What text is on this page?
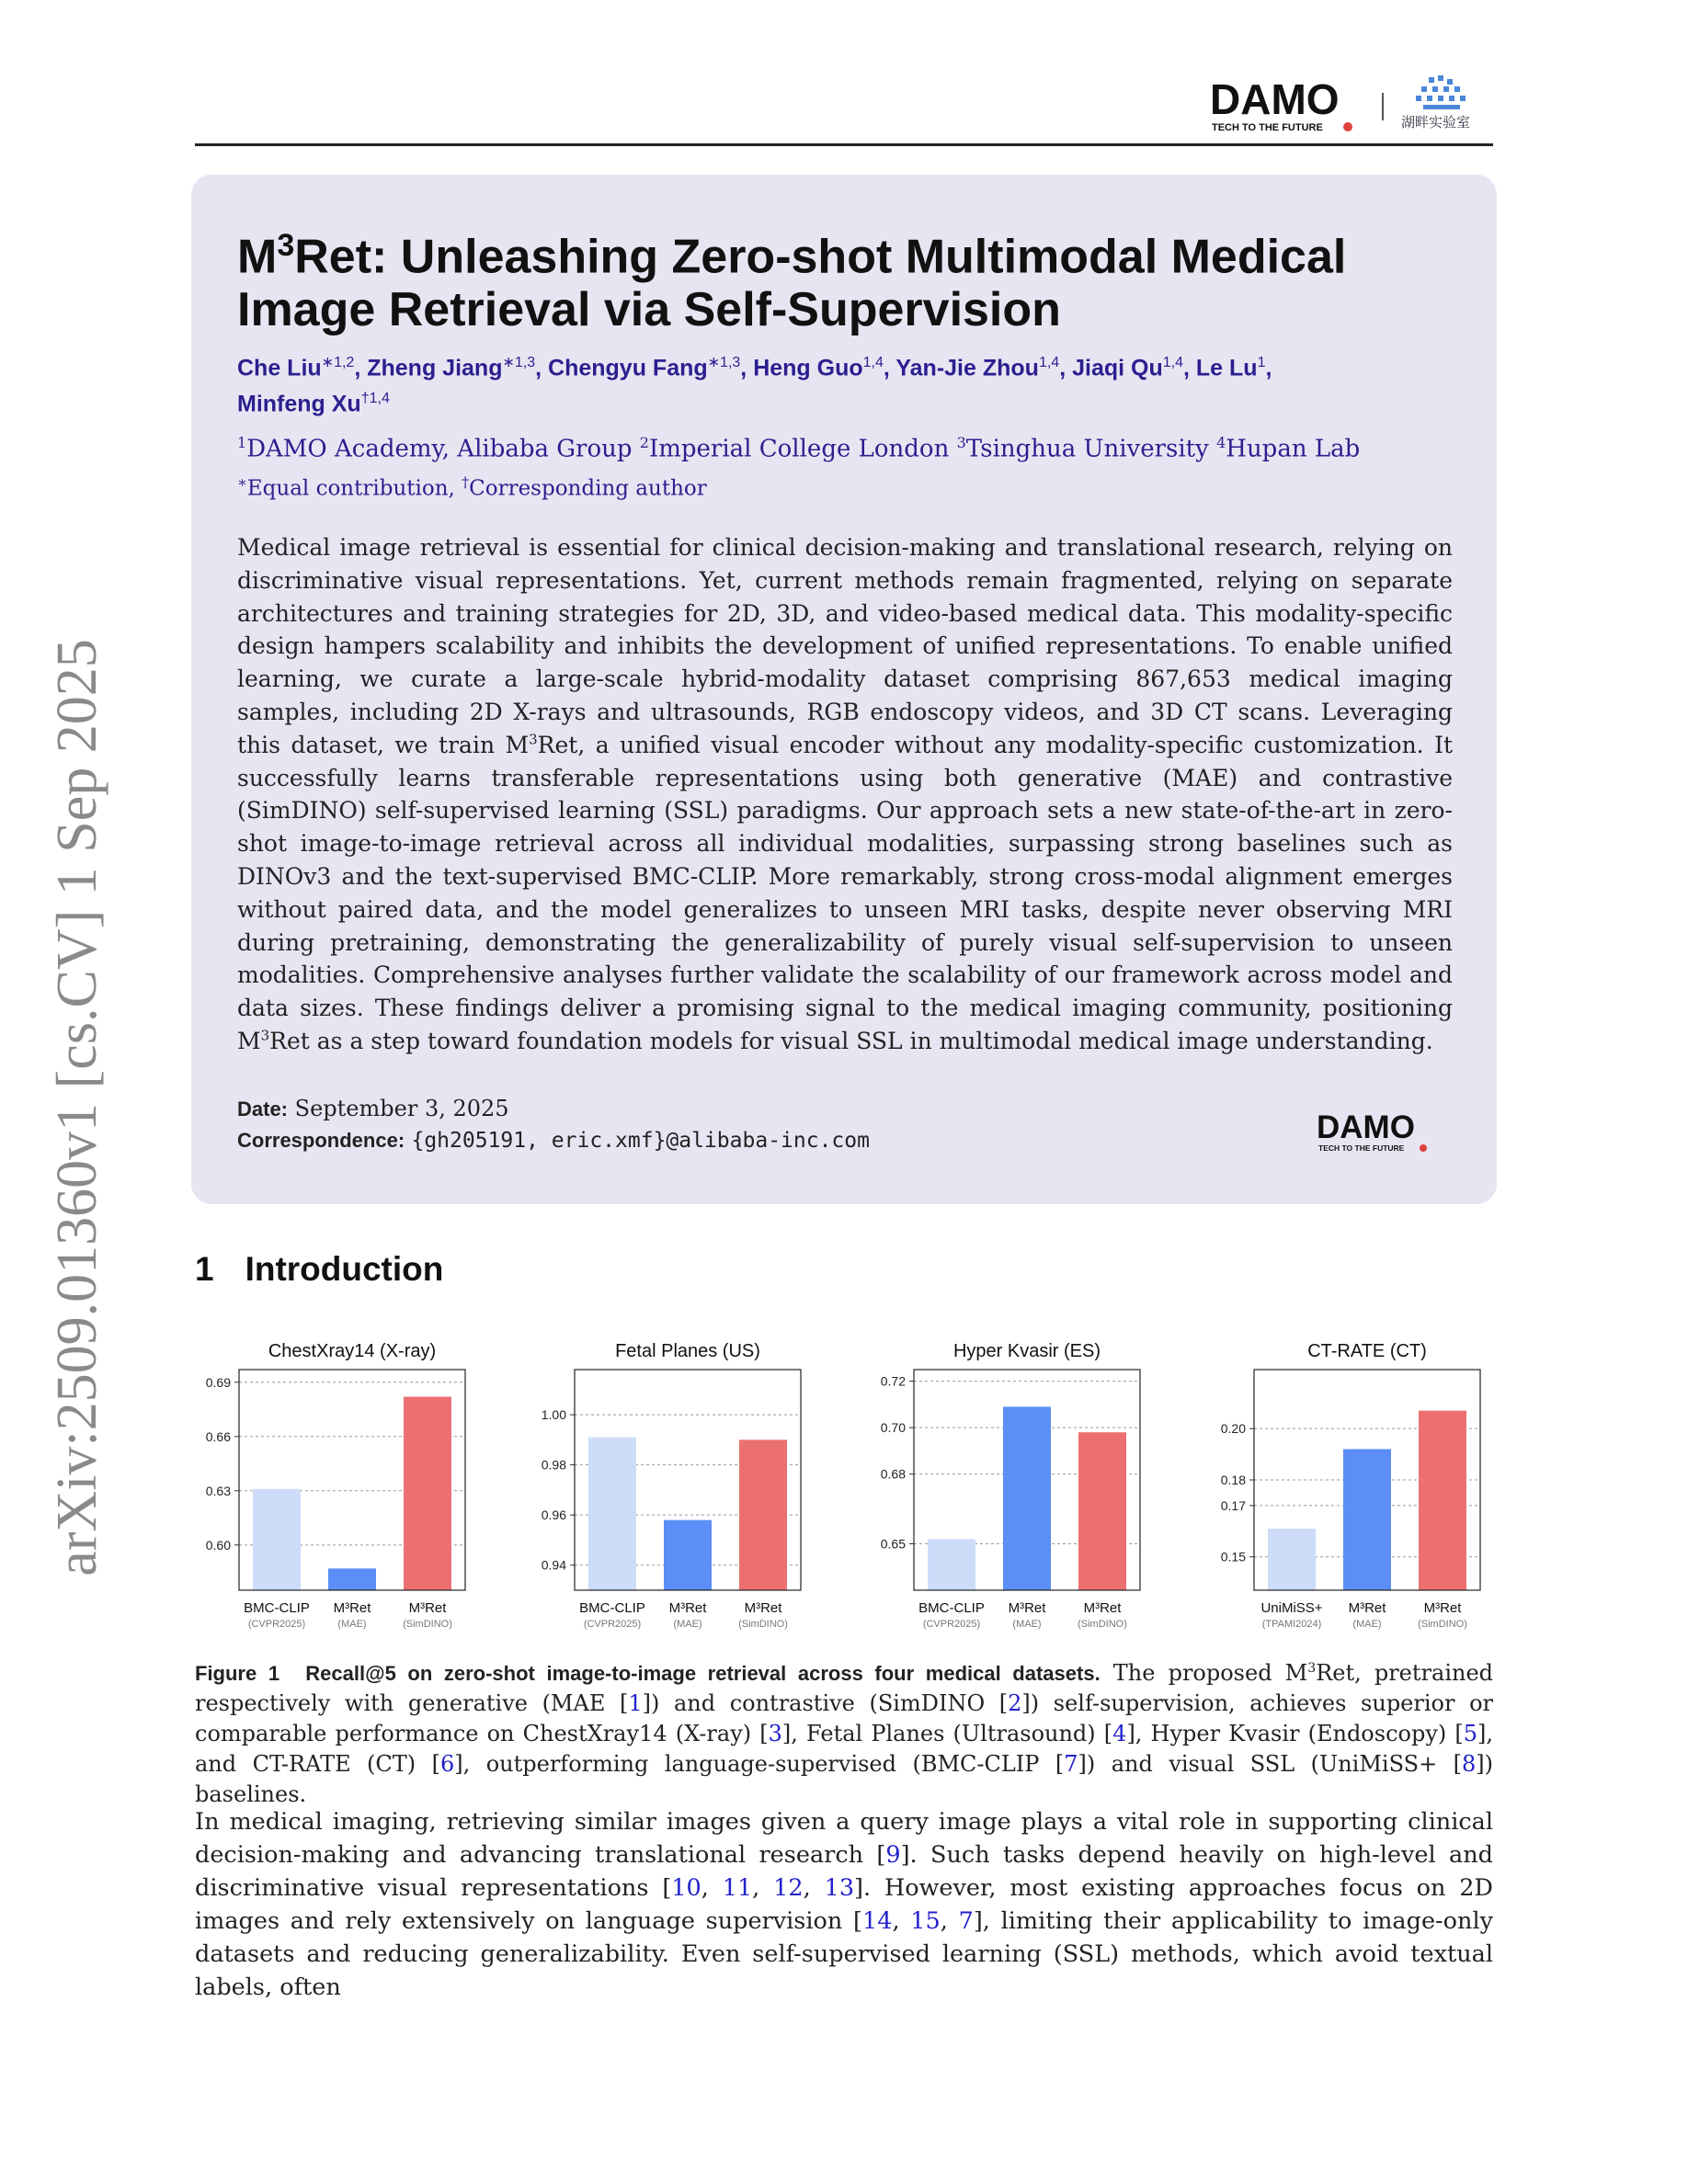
DAMO
TECH TO THE FUTURE	湖畔实验室
arXiv:2509.01360v1 [cs.CV] 1 Sep 2025
$M^3Ret$: Unleashing Zero-shot Multimodal Medical Image Retrieval via Self-Supervision
Che Liu$^{∗1,2}$, Zheng Jiang$^{∗1,3}$, Chengyu Fang$^{∗1,3}$, Heng Guo$^{1,4}$, Yan-Jie Zhou$^{1,4}$, Jiaqi Qu$^{1,4}$, Le Lu$^1$,
Minfeng Xu$^{\dagger 1,4}$
$^1$DAMO Academy, Alibaba Group $^2$Imperial College London $^3$Tsinghua University $^4$Hupan Lab
∗Equal contribution, †Corresponding author
Medical image retrieval is essential for clinical decision-making and translational research, relying on discriminative visual representations. Yet, current methods remain fragmented, relying on separate architectures and training strategies for 2D, 3D, and video-based medical data. This modality-specific design hampers scalability and inhibits the development of unified representations. To enable unified learning, we curate a large-scale hybrid-modality dataset comprising 867,653 medical imaging samples, including 2D X-rays and ultrasounds, RGB endoscopy videos, and 3D CT scans. Leveraging this dataset, we train $M^3Ret$, a unified visual encoder without any modality-specific customization. It successfully learns transferable representations using both generative (MAE) and contrastive (SimDINO) self-supervised learning (SSL) paradigms. Our approach sets a new state-of-the-art in zero-shot image-to-image retrieval across all individual modalities, surpassing strong baselines such as DINOv3 and the text-supervised BMC-CLIP. More remarkably, strong cross-modal alignment emerges without paired data, and the model generalizes to unseen MRI tasks, despite never observing MRI during pretraining, demonstrating the generalizability of purely visual self-supervision to unseen modalities. Comprehensive analyses further validate the scalability of our framework across model and data sizes. These findings deliver a promising signal to the medical imaging community, positioning $M^3Ret$ as a step toward foundation models for visual SSL in multimodal medical image understanding.
Date: September 3, 2025
Correspondence: {gh205191, eric.xmf}@alibaba-inc.com	DAMO
TECH TO THE FUTURE
1 Introduction
ChestXray14 (X-ray)
0.60
0.63
0.66
0.69
BMC-CLIP
(CVPR2025)
M³Ret
(MAE)
M³Ret
(SimDINO)
Fetal Planes (US)
0.94
0.96
0.98
1.00
BMC-CLIP
(CVPR2025)
M³Ret
(MAE)
M³Ret
(SimDINO)
Hyper Kvasir (ES)
0.65
0.68
0.70
0.72
BMC-CLIP
(CVPR2025)
M³Ret
(MAE)
M³Ret
(SimDINO)
CT-RATE (CT)
0.15
0.17
0.18
0.20
UniMiSS+
(TPAMI2024)
M³Ret
(MAE)
M³Ret
(SimDINO)
Figure 1 Recall@5 on zero-shot image-to-image retrieval across four medical datasets. The proposed $M^3Ret$, pretrained respectively with generative (MAE [1]) and contrastive (SimDINO [2]) self-supervision, achieves superior or comparable performance on ChestXray14 (X-ray) [3], Fetal Planes (Ultrasound) [4], Hyper Kvasir (Endoscopy) [5], and CT-RATE (CT) [6], outperforming language-supervised (BMC-CLIP [7]) and visual SSL (UniMiSS+ [8]) baselines.
In medical imaging, retrieving similar images given a query image plays a vital role in supporting clinical decision-making and advancing translational research [9]. Such tasks depend heavily on high-level and discriminative visual representations [10, 11, 12, 13]. However, most existing approaches focus on 2D images and rely extensively on language supervision [14, 15, 7], limiting their applicability to image-only datasets and reducing generalizability. Even self-supervised learning (SSL) methods, which avoid textual labels, often
